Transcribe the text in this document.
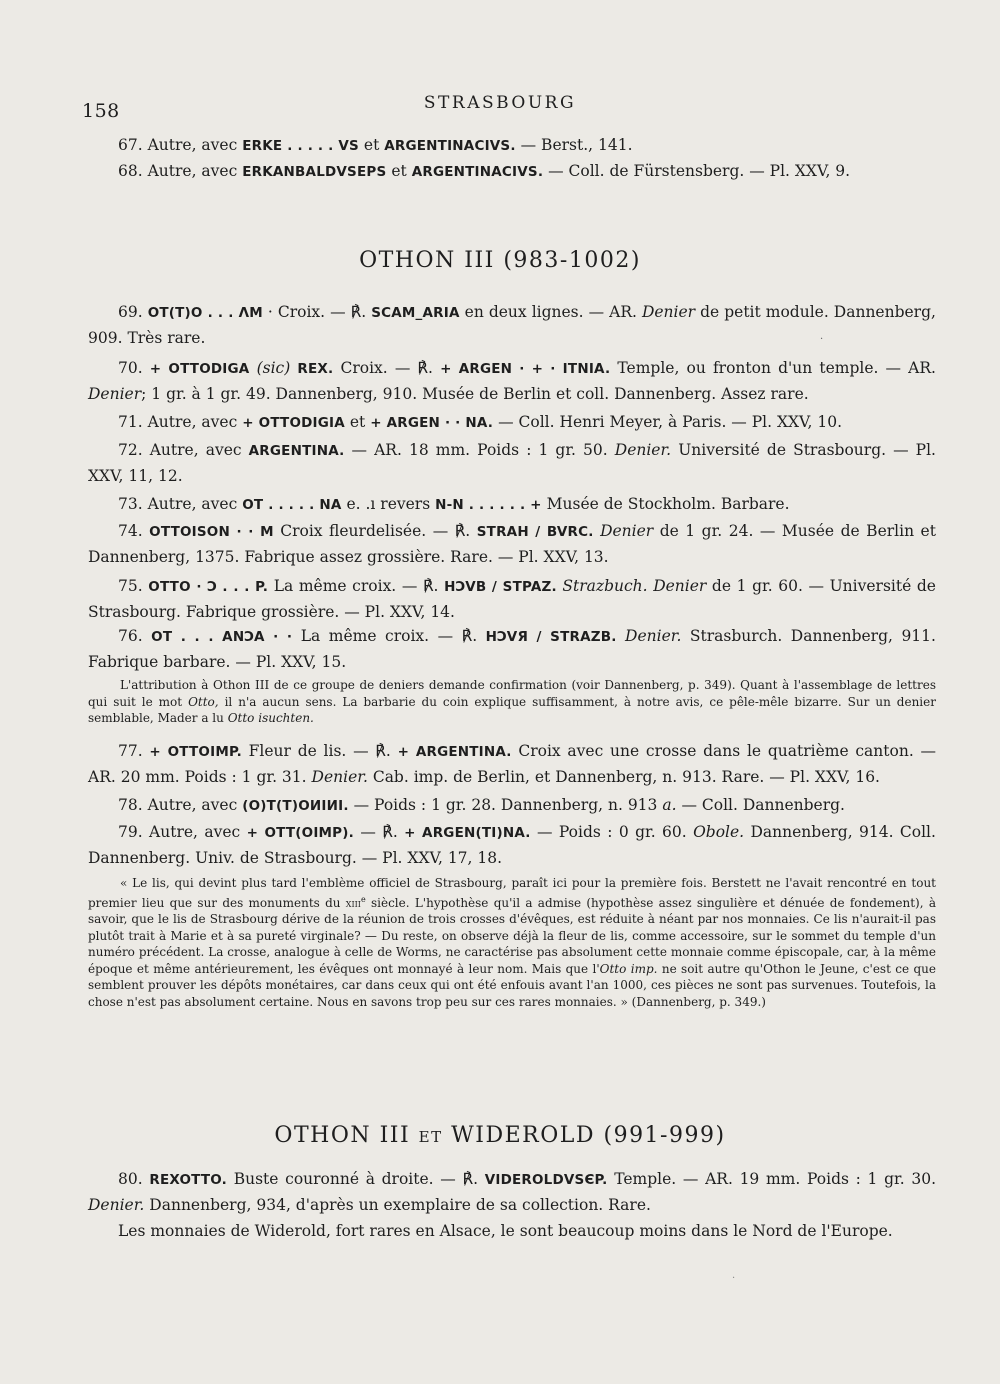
158	STRASBOURG
67. Autre, avec ERKE . . . . . VS et ARGENTINACIVS. — Berst., 141.
68. Autre, avec ERKANBALDVSEPS et ARGENTINACIVS. — Coll. de Fürstensberg. — Pl. XXV, 9.
OTHON III (983-1002)
69. OT(T)O . . . ΛM · Croix. — ℟. SCAM_ARIA en deux lignes. — AR. Denier de petit module. Dannenberg, 909. Très rare.	·
70. + OTTODIGA (sic) REX. Croix. — ℟. + ARGEN · + · ITNIA. Temple, ou fronton d'un temple. — AR. Denier; 1 gr. à 1 gr. 49. Dannenberg, 910. Musée de Berlin et coll. Dannenberg. Assez rare.
71. Autre, avec + OTTODIGIA et + ARGEN · · NA. — Coll. Henri Meyer, à Paris. — Pl. XXV, 10.
72. Autre, avec ARGENTINA. — AR. 18 mm. Poids : 1 gr. 50. Denier. Université de Strasbourg. — Pl. XXV, 11, 12.
73. Autre, avec OT . . . . . NA e. .ı revers N-N . . . . . . + Musée de Stockholm. Barbare.
74. OTTOISON · · M Croix fleurdelisée. — ℟. STRAH / BVRC. Denier de 1 gr. 24. — Musée de Berlin et Dannenberg, 1375. Fabrique assez grossière. Rare. — Pl. XXV, 13.
75. OTTO · Ͻ . . . P. La même croix. — ℟. HϽVB / STPAZ. Strazbuch. Denier de 1 gr. 60. — Université de Strasbourg. Fabrique grossière. — Pl. XXV, 14.
76. OT . . . ANϽA · · La même croix. — ℟. HϽVЯ / STRAZB. Denier. Strasburch. Dannenberg, 911. Fabrique barbare. — Pl. XXV, 15.
L'attribution à Othon III de ce groupe de deniers demande confirmation (voir Dannenberg, p. 349). Quant à l'assemblage de lettres qui suit le mot Otto, il n'a aucun sens. La barbarie du coin explique suffisamment, à notre avis, ce pêle-mêle bizarre. Sur un denier semblable, Mader a lu Otto isuchten.
77. + OTTOIMP. Fleur de lis. — ℟. + ARGENTINA. Croix avec une crosse dans le quatrième canton. — AR. 20 mm. Poids : 1 gr. 31. Denier. Cab. imp. de Berlin, et Dannenberg, n. 913. Rare. — Pl. XXV, 16.
78. Autre, avec (O)T(T)OИIИI. — Poids : 1 gr. 28. Dannenberg, n. 913 a. — Coll. Dannenberg.
79. Autre, avec + OTT(OIMP). — ℟. + ARGEN(TI)NA. — Poids : 0 gr. 60. Obole. Dannenberg, 914. Coll. Dannenberg. Univ. de Strasbourg. — Pl. XXV, 17, 18.
« Le lis, qui devint plus tard l'emblème officiel de Strasbourg, paraît ici pour la première fois. Berstett ne l'avait rencontré en tout premier lieu que sur des monuments du xiii$^e$ siècle. L'hypothèse qu'il a admise (hypothèse assez singulière et dénuée de fondement), à savoir, que le lis de Strasbourg dérive de la réunion de trois crosses d'évêques, est réduite à néant par nos monnaies. Ce lis n'aurait-il pas plutôt trait à Marie et à sa pureté virginale? — Du reste, on observe déjà la fleur de lis, comme accessoire, sur le sommet du temple d'un numéro précédent. La crosse, analogue à celle de Worms, ne caractérise pas absolument cette monnaie comme épiscopale, car, à la même époque et même antérieurement, les évêques ont monnayé à leur nom. Mais que l'Otto imp. ne soit autre qu'Othon le Jeune, c'est ce que semblent prouver les dépôts monétaires, car dans ceux qui ont été enfouis avant l'an 1000, ces pièces ne sont pas survenues. Toutefois, la chose n'est pas absolument certaine. Nous en savons trop peu sur ces rares monnaies. » (Dannenberg, p. 349.)
OTHON III ET WIDEROLD (991-999)
80. REXOTTO. Buste couronné à droite. — ℟. VIDEROLDVSЄP. Temple. — AR. 19 mm. Poids : 1 gr. 30. Denier. Dannenberg, 934, d'après un exemplaire de sa collection. Rare.
Les monnaies de Widerold, fort rares en Alsace, le sont beaucoup moins dans le Nord de l'Europe.
·
